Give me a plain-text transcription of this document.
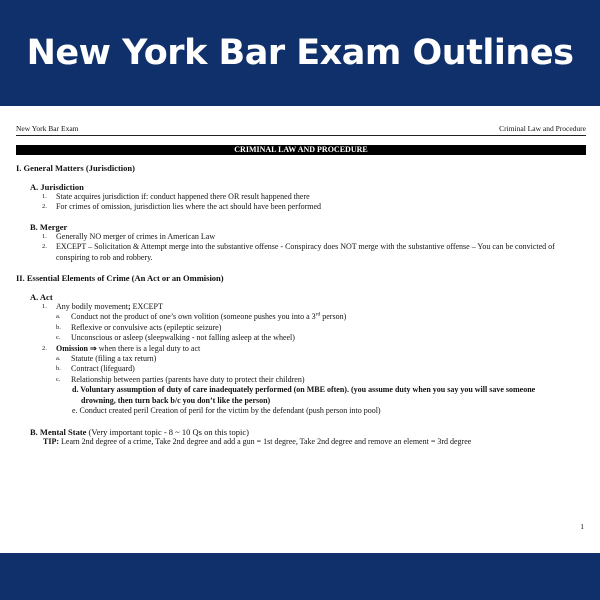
New York Bar Exam Outlines
New York Bar Exam	Criminal Law and Procedure
CRIMINAL LAW AND PROCEDURE
I. General Matters (Jurisdiction)
A. Jurisdiction
1.	State acquires jurisdiction if: conduct happened there OR result happened there
2.	For crimes of omission, jurisdiction lies where the act should have been performed
B. Merger
1.	Generally NO merger of crimes in American Law
2.	EXCEPT – Solicitation & Attempt merge into the substantive offense - Conspiracy does NOT merge with the substantive offense – You can be convicted of conspiring to rob and robbery.
II. Essential Elements of Crime (An Act or an Ommision)
A. Act
1.	Any bodily movement; EXCEPT
a.	Conduct not the product of one’s own volition (someone pushes you into a 3rd person)
b.	Reflexive or convulsive acts (epileptic seizure)
c.	Unconscious or asleep (sleepwalking - not falling asleep at the wheel)
2.	Omission ⇒ when there is a legal duty to act
a.	Statute (filing a tax return)
b.	Contract (lifeguard)
c.	Relationship between parties (parents have duty to protect their children)
d. Voluntary assumption of duty of care inadequately performed (on MBE often). (you assume duty when you say you will save someone
drowning, then turn back b/c you don’t like the person)
e. Conduct created peril Creation of peril for the victim by the defendant (push person into pool)
B. Mental State (Very important topic - 8 ~ 10 Qs on this topic)
TIP: Learn 2nd degree of a crime, Take 2nd degree and add a gun = 1st degree, Take 2nd degree and remove an element = 3rd degree
1
